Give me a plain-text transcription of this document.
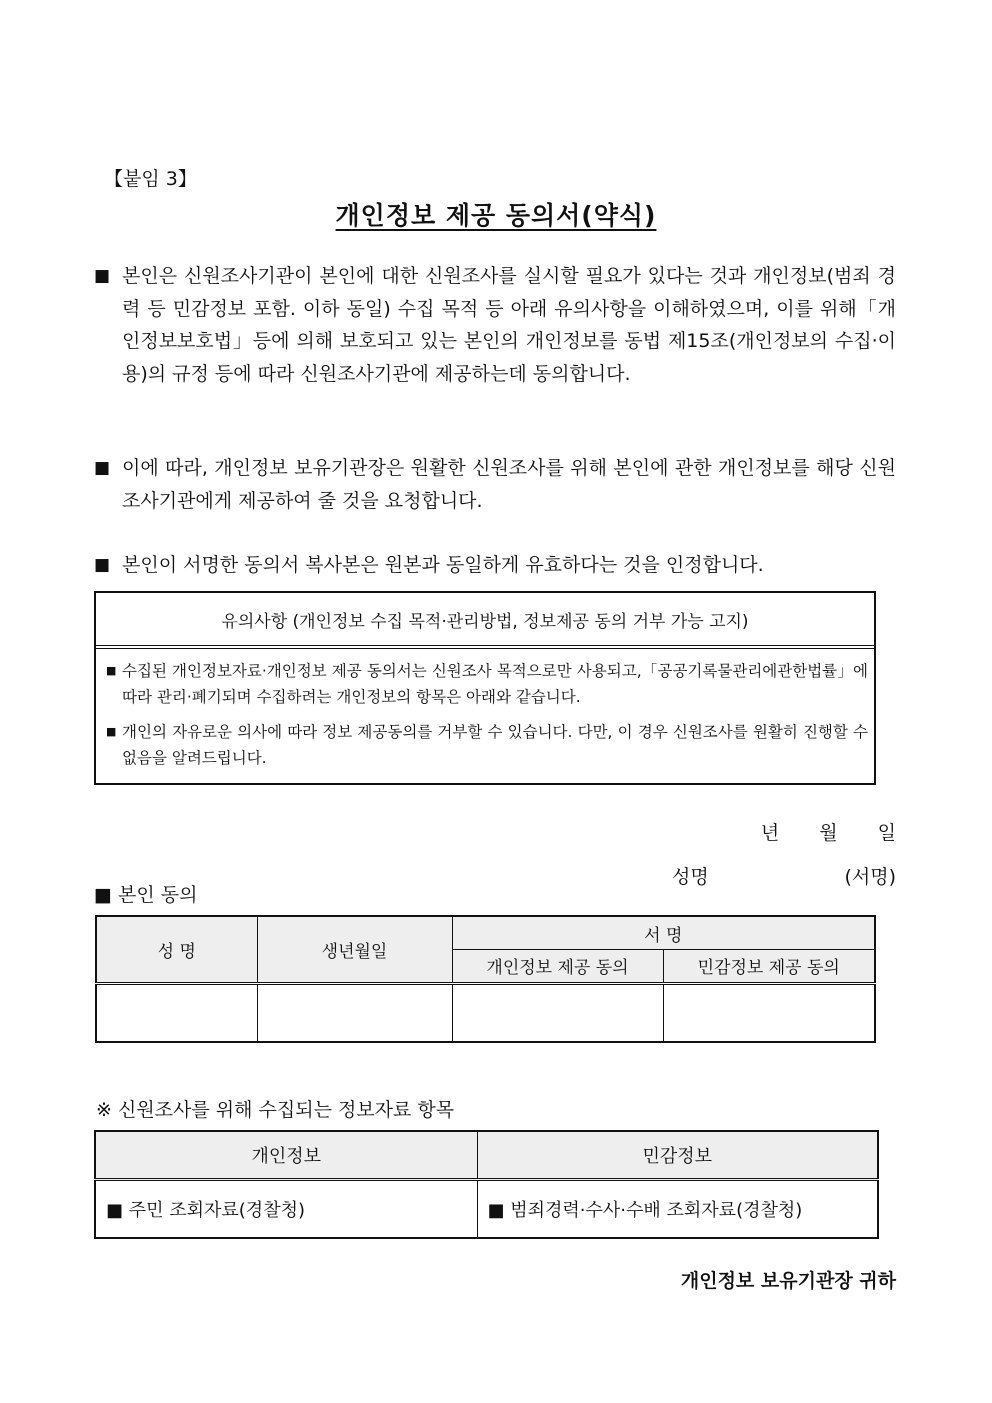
【붙임 3】
개인정보 제공 동의서(약식)
■ 본인은 신원조사기관이 본인에 대한 신원조사를 실시할 필요가 있다는 것과 개인정보(범죄 경력 등 민감정보 포함. 이하 동일) 수집 목적 등 아래 유의사항을 이해하였으며, 이를 위해「개인정보보호법」등에 의해 보호되고 있는 본인의 개인정보를 동법 제15조(개인정보의 수집·이용)의 규정 등에 따라 신원조사기관에 제공하는데 동의합니다.
■ 이에 따라, 개인정보 보유기관장은 원활한 신원조사를 위해 본인에 관한 개인정보를 해당 신원조사기관에게 제공하여 줄 것을 요청합니다.
■ 본인이 서명한 동의서 복사본은 원본과 동일하게 유효하다는 것을 인정합니다.
유의사항 (개인정보 수집 목적·관리방법, 정보제공 동의 거부 가능 고지)
■ 수집된 개인정보자료·개인정보 제공 동의서는 신원조사 목적으로만 사용되고,「공공기록물관리에관한법률」에 따라 관리·폐기되며 수집하려는 개인정보의 항목은 아래와 같습니다.
■ 개인의 자유로운 의사에 따라 정보 제공동의를 거부할 수 있습니다. 다만, 이 경우 신원조사를 원활히 진행할 수 없음을 알려드립니다.
년 월 일
성명	(서명)
■ 본인 동의
성 명	생년월일	서 명	
		개인정보 제공 동의	민감정보 제공 동의

※ 신원조사를 위해 수집되는 정보자료 항목
개인정보	민감정보
■ 주민 조회자료(경찰청)	■ 범죄경력·수사·수배 조회자료(경찰청)
개인정보 보유기관장 귀하
